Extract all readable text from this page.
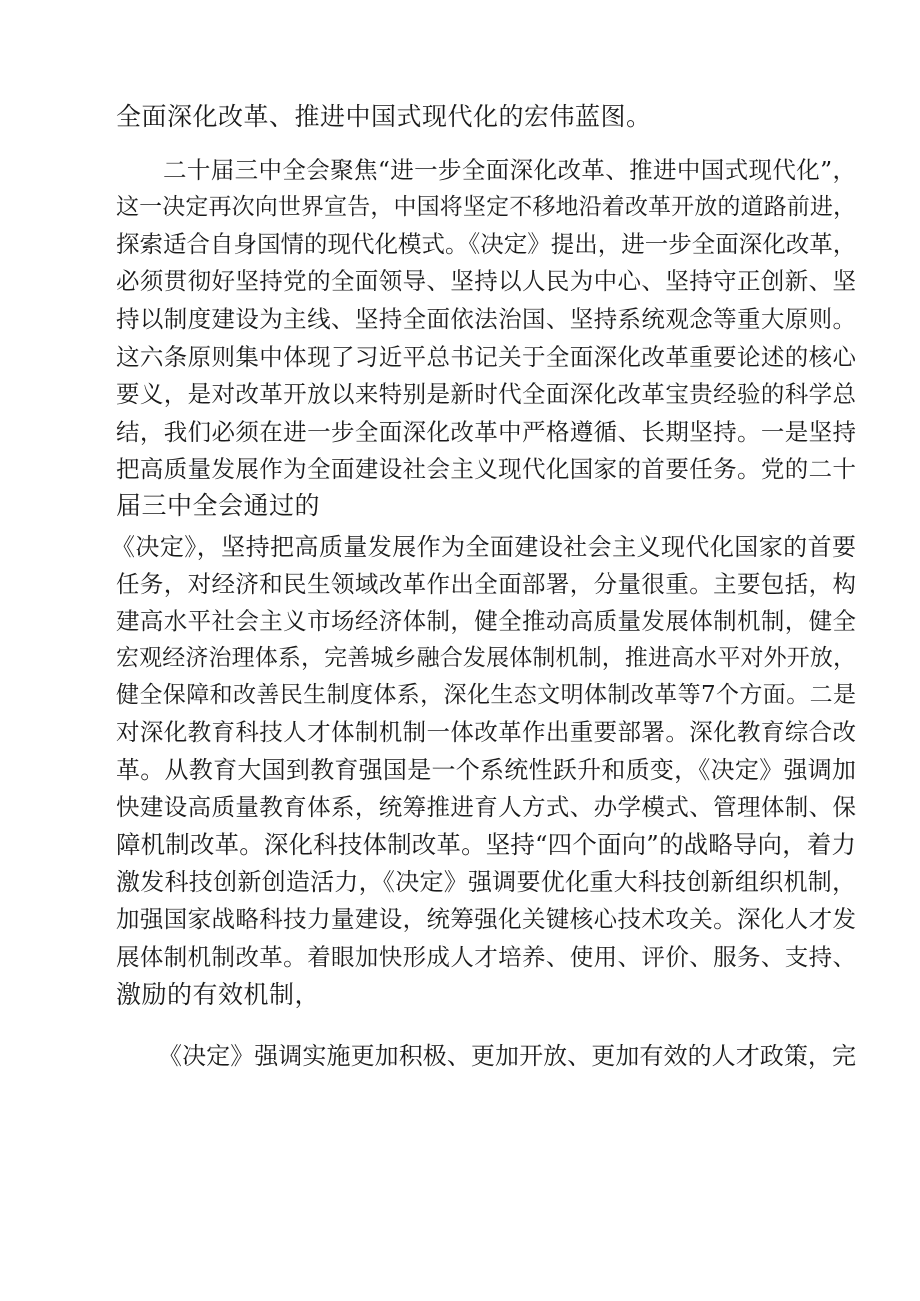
全面深化改革、推进中国式现代化的宏伟蓝图。
二十届三中全会聚焦“进一步全面深化改革、推进中国式现代化”，
这一决定再次向世界宣告，中国将坚定不移地沿着改革开放的道路前进，
探索适合自身国情的现代化模式。《决定》提出，进一步全面深化改革，
必须贯彻好坚持党的全面领导、坚持以人民为中心、坚持守正创新、坚
持以制度建设为主线、坚持全面依法治国、坚持系统观念等重大原则。
这六条原则集中体现了习近平总书记关于全面深化改革重要论述的核心
要义，是对改革开放以来特别是新时代全面深化改革宝贵经验的科学总
结，我们必须在进一步全面深化改革中严格遵循、长期坚持。一是坚持
把高质量发展作为全面建设社会主义现代化国家的首要任务。党的二十
届三中全会通过的
《决定》，坚持把高质量发展作为全面建设社会主义现代化国家的首要
任务，对经济和民生领域改革作出全面部署，分量很重。主要包括，构
建高水平社会主义市场经济体制，健全推动高质量发展体制机制，健全
宏观经济治理体系，完善城乡融合发展体制机制，推进高水平对外开放，
健全保障和改善民生制度体系，深化生态文明体制改革等7个方面。二是
对深化教育科技人才体制机制一体改革作出重要部署。深化教育综合改
革。从教育大国到教育强国是一个系统性跃升和质变，《决定》强调加
快建设高质量教育体系，统筹推进育人方式、办学模式、管理体制、保
障机制改革。深化科技体制改革。坚持“四个面向”的战略导向，着力
激发科技创新创造活力，《决定》强调要优化重大科技创新组织机制，
加强国家战略科技力量建设，统筹强化关键核心技术攻关。深化人才发
展体制机制改革。着眼加快形成人才培养、使用、评价、服务、支持、
激励的有效机制，
《决定》强调实施更加积极、更加开放、更加有效的人才政策，完
